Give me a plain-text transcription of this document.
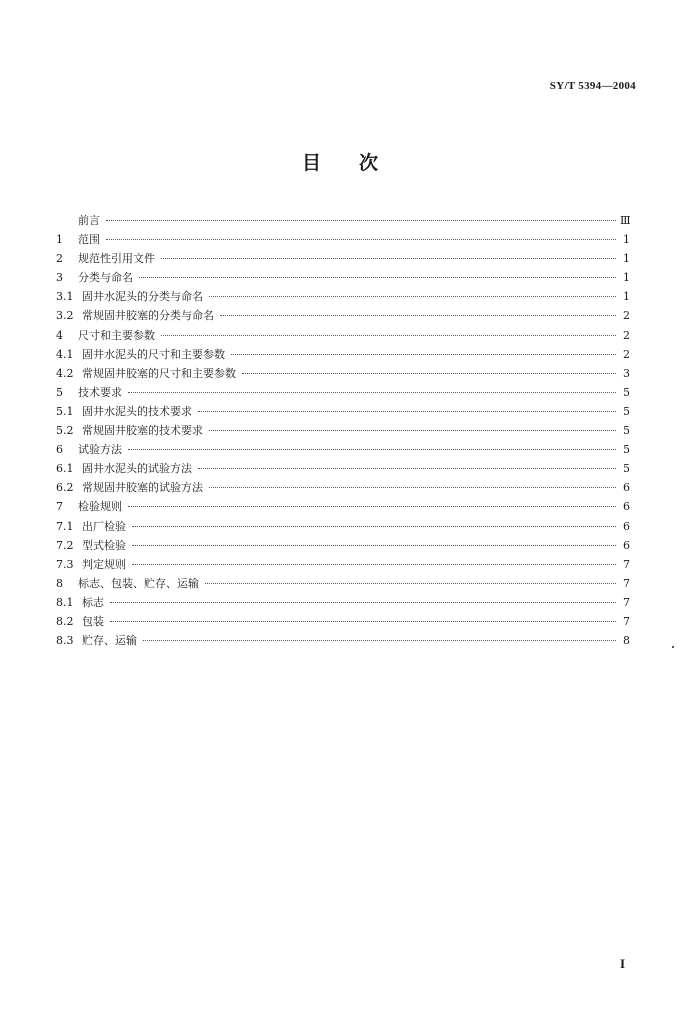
SY/T 5394—2004
目　　次
前言	Ⅲ
1	范围	1
2	规范性引用文件	1
3	分类与命名	1
3.1 固井水泥头的分类与命名	1
3.2 常规固井胶塞的分类与命名	2
4	尺寸和主要参数	2
4.1 固井水泥头的尺寸和主要参数	2
4.2 常规固井胶塞的尺寸和主要参数	3
5	技术要求	5
5.1 固井水泥头的技术要求	5
5.2 常规固井胶塞的技术要求	5
6	试验方法	5
6.1 固井水泥头的试验方法	5
6.2 常规固井胶塞的试验方法	6
7	检验规则	6
7.1 出厂检验	6
7.2 型式检验	6
7.3 判定规则	7
8	标志、包装、贮存、运输	7
8.1 标志	7
8.2 包装	7
8.3 贮存、运输	8
I
